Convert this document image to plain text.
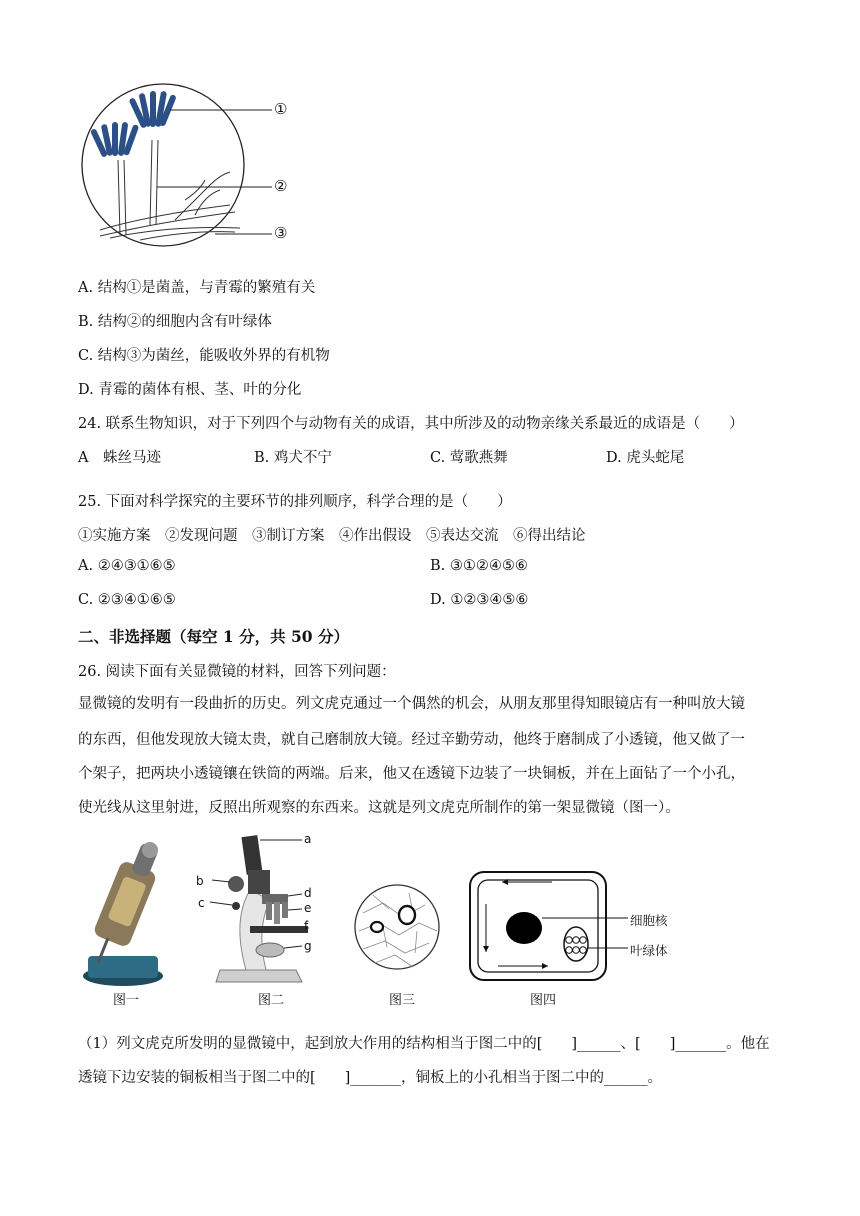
①
②
③
A. 结构①是菌盖，与青霉的繁殖有关
B. 结构②的细胞内含有叶绿体
C. 结构③为菌丝，能吸收外界的有机物
D. 青霉的菌体有根、茎、叶的分化
24. 联系生物知识，对于下列四个与动物有关的成语，其中所涉及的动物亲缘关系最近的成语是（　　）
A　蛛丝马迹	B. 鸡犬不宁	C. 莺歌燕舞	D. 虎头蛇尾
25. 下面对科学探究的主要环节的排列顺序，科学合理的是（　　）
①实施方案　②发现问题　③制订方案　④作出假设　⑤表达交流　⑥得出结论
A. ②④③①⑥⑤	B. ③①②④⑤⑥
C. ②③④①⑥⑤	D. ①②③④⑤⑥
二、非选择题（每空 1 分，共 50 分）
26. 阅读下面有关显微镜的材料，回答下列问题：
显微镜的发明有一段曲折的历史。列文虎克通过一个偶然的机会，从朋友那里得知眼镜店有一种叫放大镜
的东西，但他发现放大镜太贵，就自己磨制放大镜。经过辛勤劳动，他终于磨制成了小透镜，他又做了一
个架子，把两块小透镜镶在铁筒的两端。后来，他又在透镜下边装了一块铜板，并在上面钻了一个小孔，
使光线从这里射进，反照出所观察的东西来。这就是列文虎克所制作的第一架显微镜（图一）。
图一
a
b
c
d
e
f
g
图二	图三
细胞核
叶绿体
图四
（1）列文虎克所发明的显微镜中，起到放大作用的结构相当于图二中的[　　]______、[　　]_______。他在
透镜下边安装的铜板相当于图二中的[　　]_______，铜板上的小孔相当于图二中的______。
